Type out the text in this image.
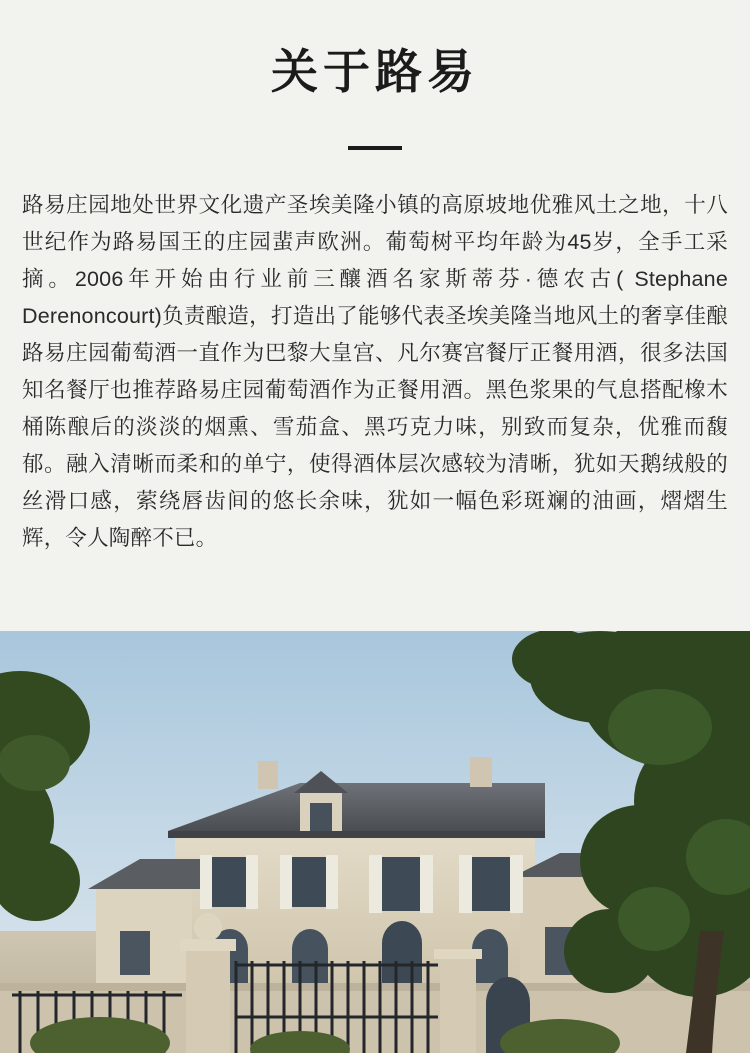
关于路易

路易庄园地处世界文化遗产圣埃美隆小镇的高原坡地优雅风土之地，十八世纪作为路易国王的庄园蜚声欧洲。葡萄树平均年龄为45岁，全手工采摘。2006年开始由行业前三釀酒名家斯蒂芬·德农古( Stephane Derenoncourt)负责酿造，打造出了能够代表圣埃美隆当地风土的奢享佳酿路易庄园葡萄酒一直作为巴黎大皇宫、凡尔赛宫餐厅正餐用酒，很多法国知名餐厅也推荐路易庄园葡萄酒作为正餐用酒。黑色浆果的气息搭配橡木桶陈酿后的淡淡的烟熏、雪茄盒、黑巧克力味，别致而复杂，优雅而馥郁。融入清晰而柔和的单宁，使得酒体层次感较为清晰，犹如天鹅绒般的丝滑口感，萦绕唇齿间的悠长余味，犹如一幅色彩斑斓的油画，熠熠生辉，令人陶醉不已。
